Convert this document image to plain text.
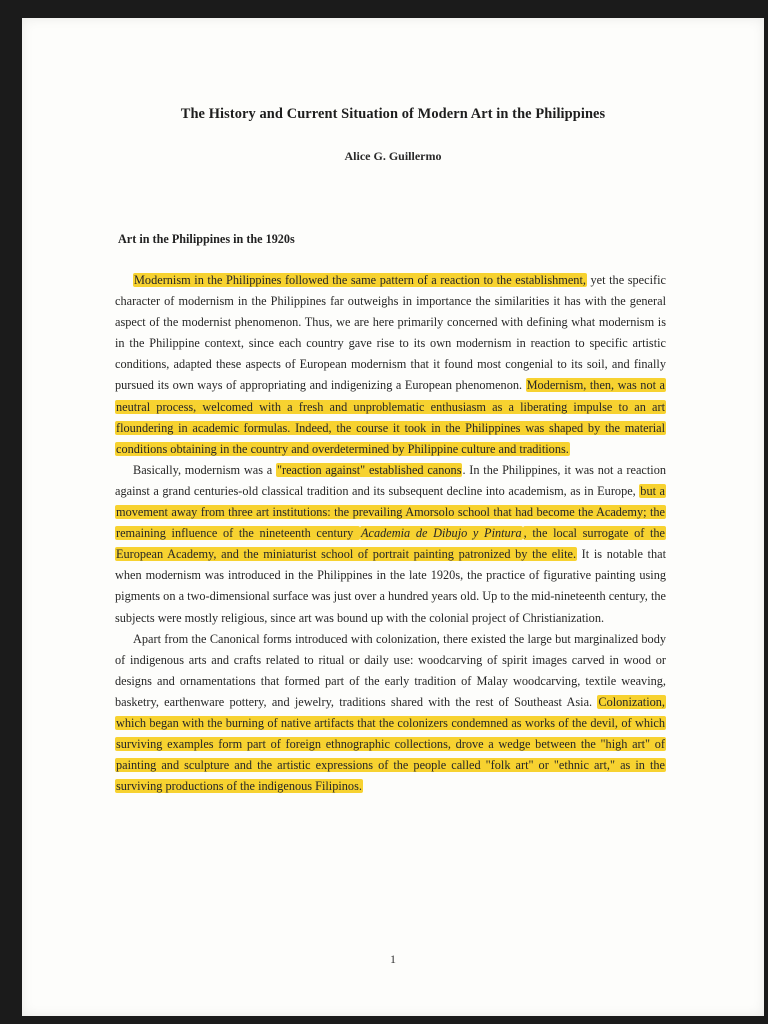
The History and Current Situation of Modern Art in the Philippines
Alice G. Guillermo
Art in the Philippines in the 1920s

Modernism in the Philippines followed the same pattern of a reaction to the establishment, yet the specific character of modernism in the Philippines far outweighs in importance the similarities it has with the general aspect of the modernist phenomenon. Thus, we are here primarily concerned with defining what modernism is in the Philippine context, since each country gave rise to its own modernism in reaction to specific artistic conditions, adapted these aspects of European modernism that it found most congenial to its soil, and finally pursued its own ways of appropriating and indigenizing a European phenomenon. Modernism, then, was not a neutral process, welcomed with a fresh and unproblematic enthusiasm as a liberating impulse to an art floundering in academic formulas. Indeed, the course it took in the Philippines was shaped by the material conditions obtaining in the country and overdetermined by Philippine culture and traditions.

Basically, modernism was a "reaction against" established canons. In the Philippines, it was not a reaction against a grand centuries-old classical tradition and its subsequent decline into academism, as in Europe, but a movement away from three art institutions: the prevailing Amorsolo school that had become the Academy; the remaining influence of the nineteenth century Academia de Dibujo y Pintura , the local surrogate of the European Academy, and the miniaturist school of portrait painting patronized by the elite. It is notable that when modernism was introduced in the Philippines in the late 1920s, the practice of figurative painting using pigments on a two-dimensional surface was just over a hundred years old. Up to the mid-nineteenth century, the subjects were mostly religious, since art was bound up with the colonial project of Christianization.

Apart from the Canonical forms introduced with colonization, there existed the large but marginalized body of indigenous arts and crafts related to ritual or daily use: woodcarving of spirit images carved in wood or designs and ornamentations that formed part of the early tradition of Malay woodcarving, textile weaving, basketry, earthenware pottery, and jewelry, traditions shared with the rest of Southeast Asia. Colonization, which began with the burning of native artifacts that the colonizers condemned as works of the devil, of which surviving examples form part of foreign ethnographic collections, drove a wedge between the "high art" of painting and sculpture and the artistic expressions of the people called "folk art" or "ethnic art," as in the surviving productions of the indigenous Filipinos.

1
